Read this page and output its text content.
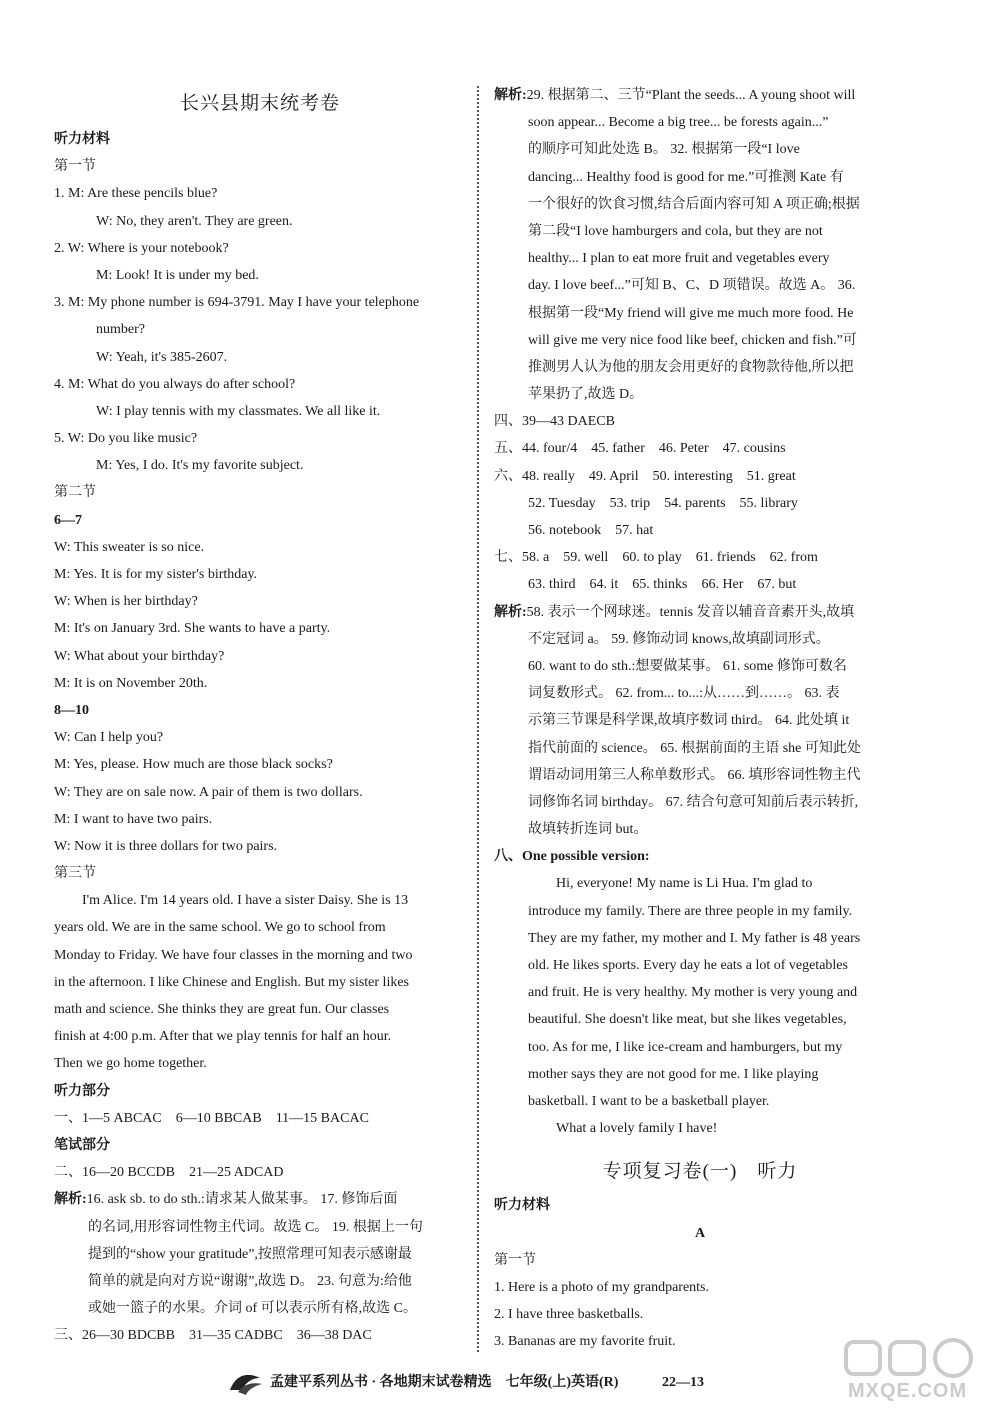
长兴县期末统考卷
听力材料
第一节
1. M: Are these pencils blue?
W: No, they aren't. They are green.
2. W: Where is your notebook?
M: Look! It is under my bed.
3. M: My phone number is 694-3791. May I have your telephone
number?
W: Yeah, it's 385-2607.
4. M: What do you always do after school?
W: I play tennis with my classmates. We all like it.
5. W: Do you like music?
M: Yes, I do. It's my favorite subject.
第二节
6—7
W: This sweater is so nice.
M: Yes. It is for my sister's birthday.
W: When is her birthday?
M: It's on January 3rd. She wants to have a party.
W: What about your birthday?
M: It is on November 20th.
8—10
W: Can I help you?
M: Yes, please. How much are those black socks?
W: They are on sale now. A pair of them is two dollars.
M: I want to have two pairs.
W: Now it is three dollars for two pairs.
第三节
I'm Alice. I'm 14 years old. I have a sister Daisy. She is 13
years old. We are in the same school. We go to school from
Monday to Friday. We have four classes in the morning and two
in the afternoon. I like Chinese and English. But my sister likes
math and science. She thinks they are great fun. Our classes
finish at 4:00 p.m. After that we play tennis for half an hour.
Then we go home together.
听力部分
一、1—5 ABCAC　6—10 BBCAB　11—15 BACAC
笔试部分
二、16—20 BCCDB　21—25 ADCAD
解析:16. ask sb. to do sth.:请求某人做某事。 17. 修饰后面
的名词,用形容词性物主代词。故选 C。 19. 根据上一句
提到的“show your gratitude”,按照常理可知表示感谢最
简单的就是向对方说“谢谢”,故选 D。 23. 句意为:给他
或她一篮子的水果。介词 of 可以表示所有格,故选 C。
三、26—30 BDCBB　31—35 CADBC　36—38 DAC
解析:29. 根据第二、三节“Plant the seeds... A young shoot will
soon appear... Become a big tree... be forests again...”
的顺序可知此处选 B。 32. 根据第一段“I love
dancing... Healthy food is good for me.”可推测 Kate 有
一个很好的饮食习惯,结合后面内容可知 A 项正确;根据
第二段“I love hamburgers and cola, but they are not
healthy... I plan to eat more fruit and vegetables every
day. I love beef...”可知 B、C、D 项错误。故选 A。 36.
根据第一段“My friend will give me much more food. He
will give me very nice food like beef, chicken and fish.”可
推测男人认为他的朋友会用更好的食物款待他,所以把
苹果扔了,故选 D。
四、39—43 DAECB
五、44. four/4　45. father　46. Peter　47. cousins
六、48. really　49. April　50. interesting　51. great
52. Tuesday　53. trip　54. parents　55. library
56. notebook　57. hat
七、58. a　59. well　60. to play　61. friends　62. from
63. third　64. it　65. thinks　66. Her　67. but
解析:58. 表示一个网球迷。tennis 发音以辅音音素开头,故填
不定冠词 a。 59. 修饰动词 knows,故填副词形式。
60. want to do sth.:想要做某事。 61. some 修饰可数名
词复数形式。 62. from... to...:从……到……。 63. 表
示第三节课是科学课,故填序数词 third。 64. 此处填 it
指代前面的 science。 65. 根据前面的主语 she 可知此处
谓语动词用第三人称单数形式。 66. 填形容词性物主代
词修饰名词 birthday。 67. 结合句意可知前后表示转折,
故填转折连词 but。
八、One possible version:
Hi, everyone! My name is Li Hua. I'm glad to
introduce my family. There are three people in my family.
They are my father, my mother and I. My father is 48 years
old. He likes sports. Every day he eats a lot of vegetables
and fruit. He is very healthy. My mother is very young and
beautiful. She doesn't like meat, but she likes vegetables,
too. As for me, I like ice-cream and hamburgers, but my
mother says they are not good for me. I like playing
basketball. I want to be a basketball player.
What a lovely family I have!
专项复习卷(一)　听力
听力材料
A
第一节
1. Here is a photo of my grandparents.
2. I have three basketballs.
3. Bananas are my favorite fruit.
孟建平系列丛书 · 各地期末试卷精选　七年级(上)英语(R)	22—13	MXQE.COM
